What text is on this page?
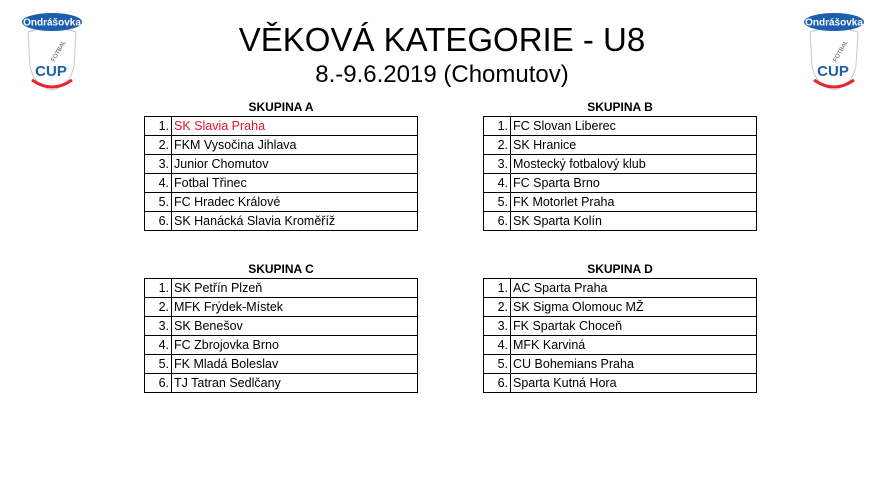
Ondrášovka
FOTBAL
CUP
Ondrášovka
FOTBAL
CUP
VĚKOVÁ KATEGORIE - U8
8.-9.6.2019 (Chomutov)
SKUPINA A
1.	SK Slavia Praha
2.	FKM Vysočina Jihlava
3.	Junior Chomutov
4.	Fotbal Třinec
5.	FC Hradec Králové
6.	SK Hanácká Slavia Kroměříž
SKUPINA B
1.	FC Slovan Liberec
2.	SK Hranice
3.	Mostecký fotbalový klub
4.	FC Sparta Brno
5.	FK Motorlet Praha
6.	SK Sparta Kolín
SKUPINA C
1.	SK Petřín Plzeň
2.	MFK Frýdek-Místek
3.	SK Benešov
4.	FC Zbrojovka Brno
5.	FK Mladá Boleslav
6.	TJ Tatran Sedlčany
SKUPINA D
1.	AC Sparta Praha
2.	SK Sigma Olomouc MŽ
3.	FK Spartak Choceň
4.	MFK Karviná
5.	CU Bohemians Praha
6.	Sparta Kutná Hora
